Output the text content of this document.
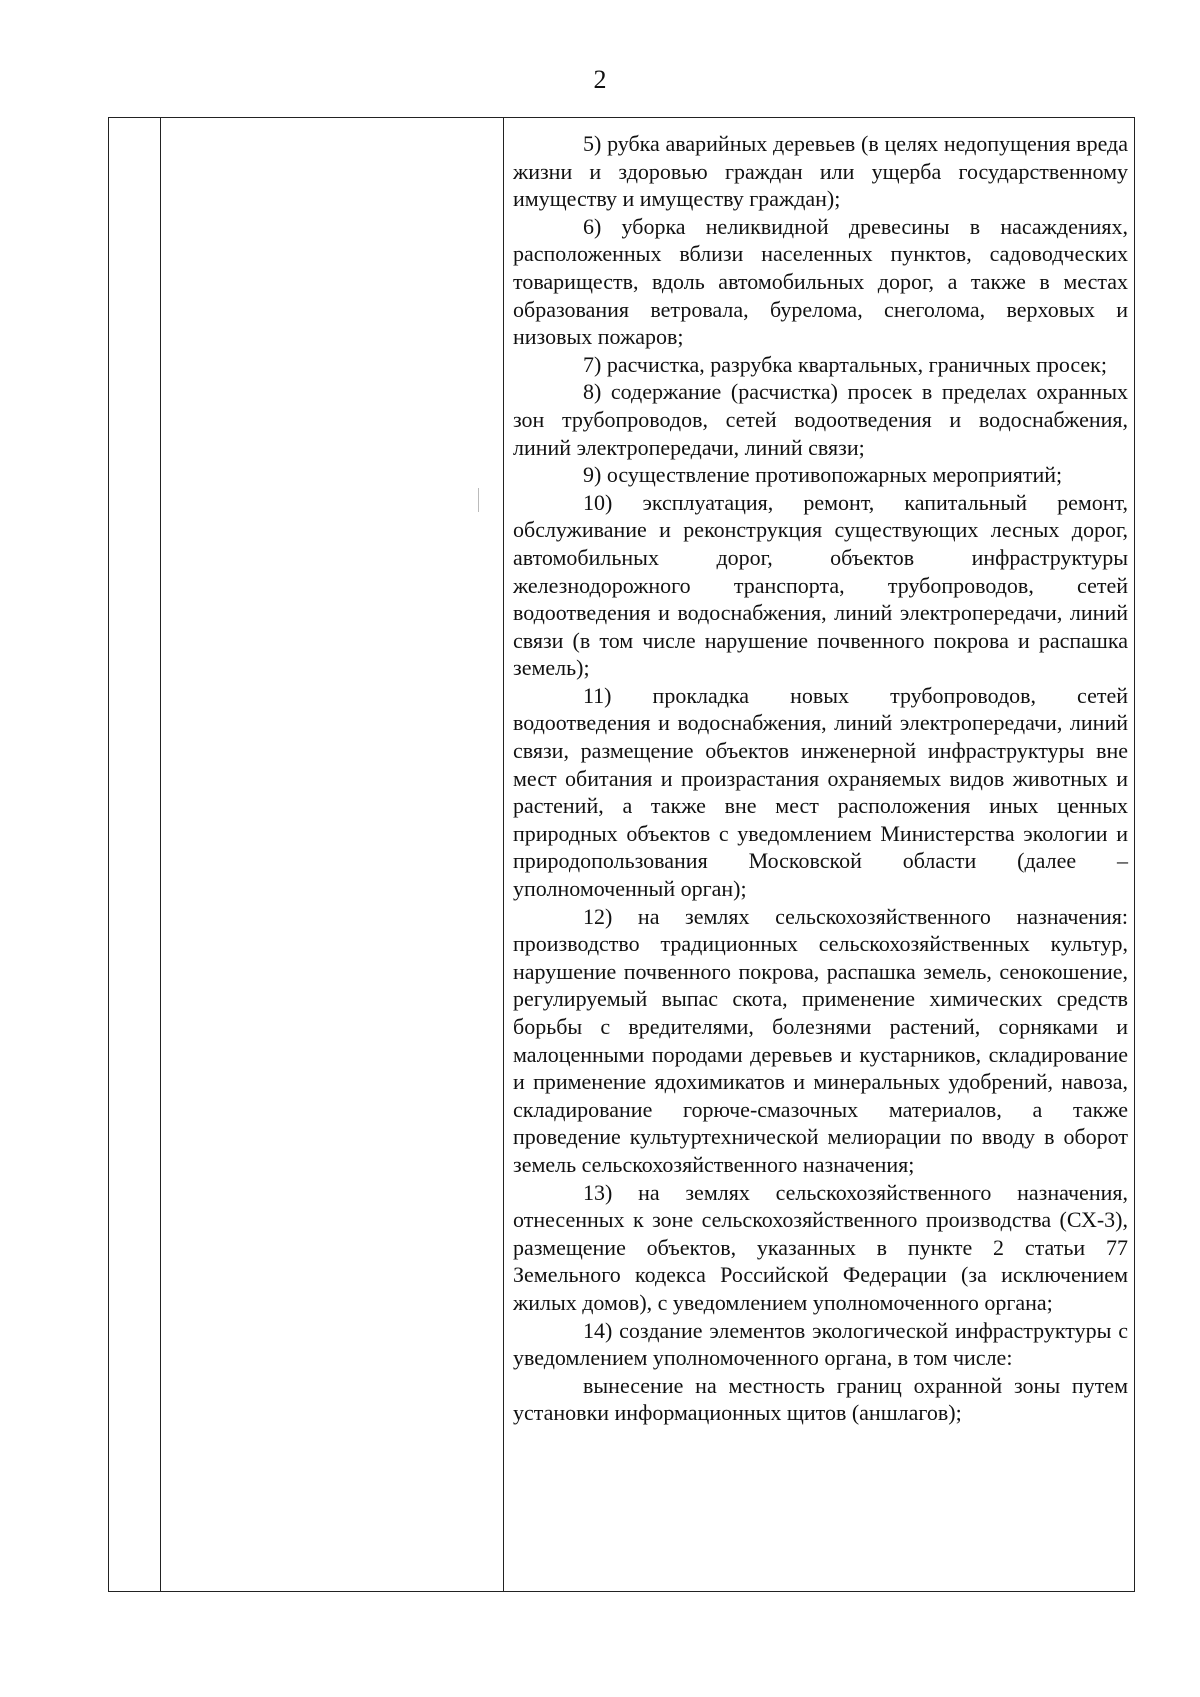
2

5) рубка аварийных деревьев (в целях недопущения вреда жизни и здоровью граждан или ущерба государственному имуществу и имуществу граждан);

6) уборка неликвидной древесины в насаждениях, расположенных вблизи населенных пунктов, садоводческих товариществ, вдоль автомобильных дорог, а также в местах образования ветровала, бурелома, снеголома, верховых и низовых пожаров;

7) расчистка, разрубка квартальных, граничных просек;

8) содержание (расчистка) просек в пределах охранных зон трубопроводов, сетей водоотведения и водоснабжения, линий электропередачи, линий связи;

9) осуществление противопожарных мероприятий;

10) эксплуатация, ремонт, капитальный ремонт, обслуживание и реконструкция существующих лесных дорог, автомобильных дорог, объектов инфраструктуры железнодорожного транспорта, трубопроводов, сетей водоотведения и водоснабжения, линий электропередачи, линий связи (в том числе нарушение почвенного покрова и распашка земель);

11) прокладка новых трубопроводов, сетей водоотведения и водоснабжения, линий электропередачи, линий связи, размещение объектов инженерной инфраструктуры вне мест обитания и произрастания охраняемых видов животных и растений, а также вне мест расположения иных ценных природных объектов с уведомлением Министерства экологии и природопользования Московской области (далее – уполномоченный орган);

12) на землях сельскохозяйственного назначения: производство традиционных сельскохозяйственных культур, нарушение почвенного покрова, распашка земель, сенокошение, регулируемый выпас скота, применение химических средств борьбы с вредителями, болезнями растений, сорняками и малоценными породами деревьев и кустарников, складирование и применение ядохимикатов и минеральных удобрений, навоза, складирование горюче-смазочных материалов, а также проведение культуртехнической мелиорации по вводу в оборот земель сельскохозяйственного назначения;

13) на землях сельскохозяйственного назначения, отнесенных к зоне сельскохозяйственного производства (СХ-3), размещение объектов, указанных в пункте 2 статьи 77 Земельного кодекса Российской Федерации (за исключением жилых домов), с уведомлением уполномоченного органа;

14) создание элементов экологической инфраструктуры с уведомлением уполномоченного органа, в том числе:

вынесение на местность границ охранной зоны путем установки информационных щитов (аншлагов);
